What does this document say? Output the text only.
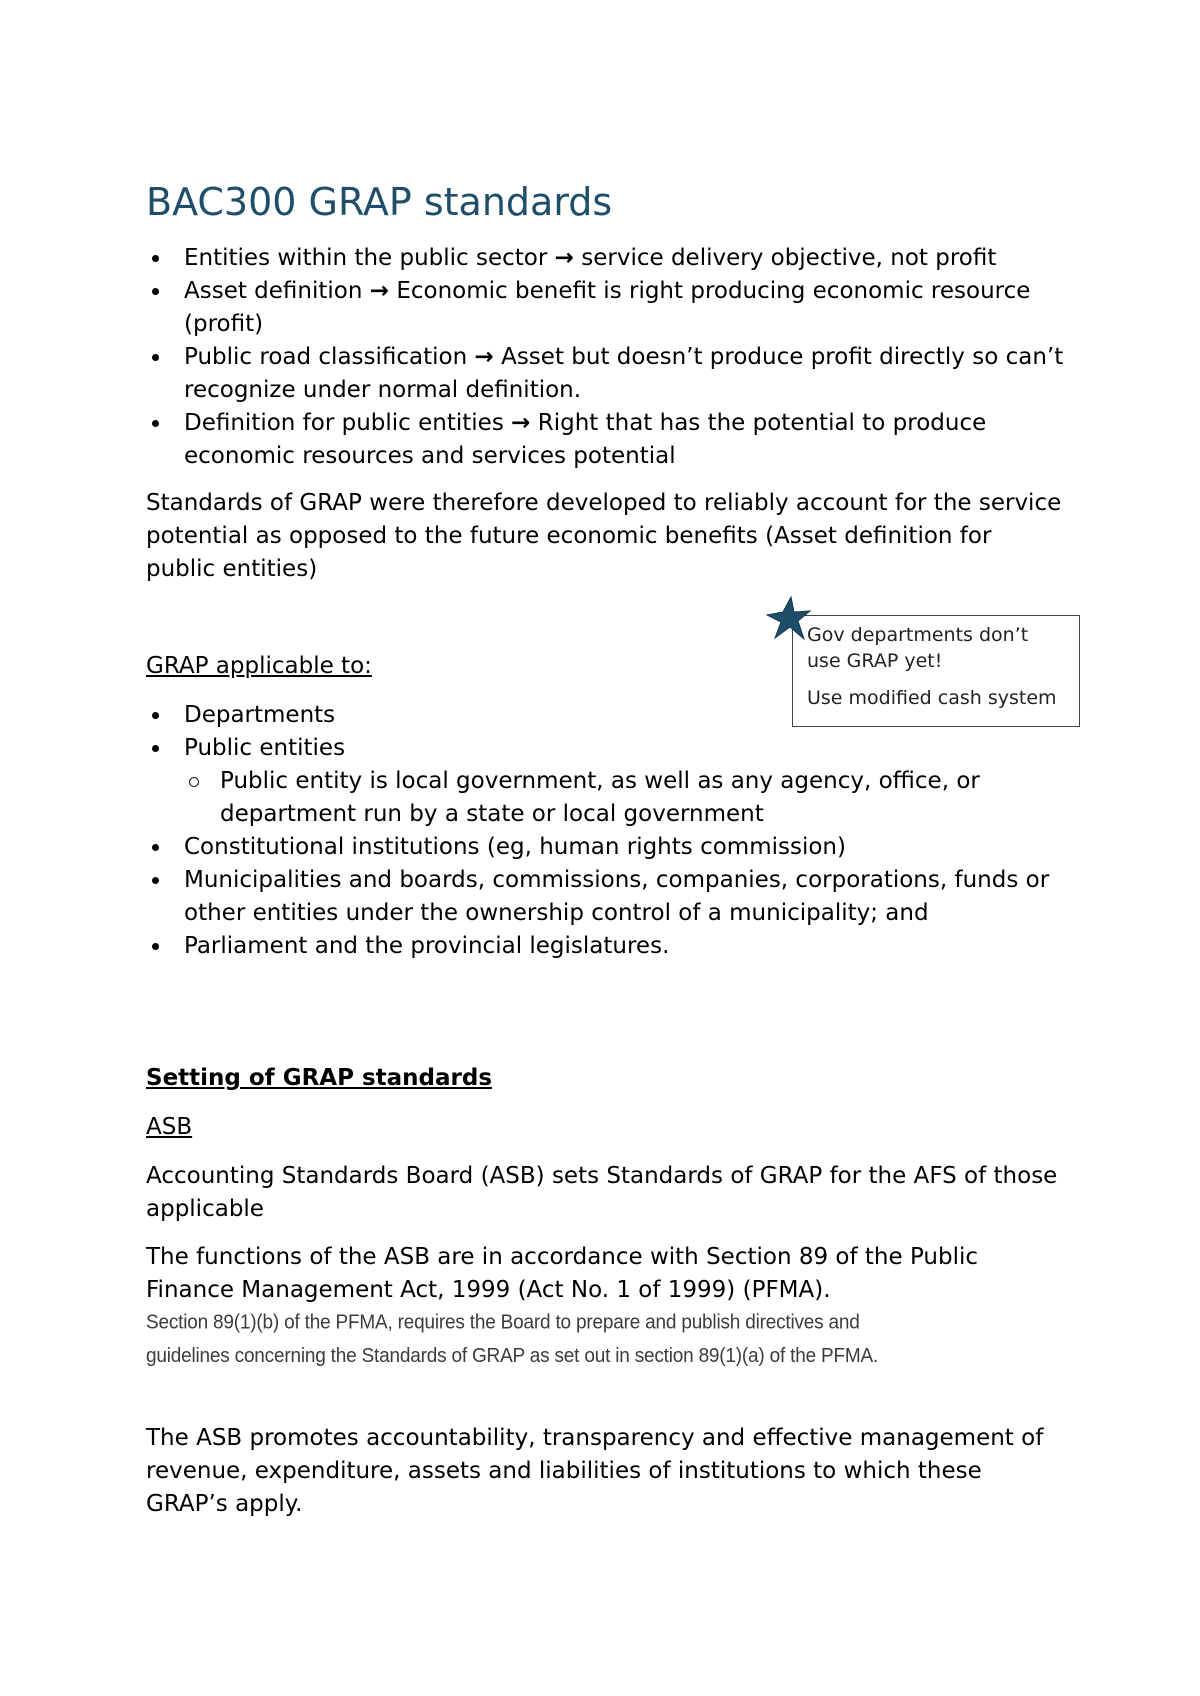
BAC300 GRAP standards
Entities within the public sector → service delivery objective, not profit
Asset definition → Economic benefit is right producing economic resource (profit)
Public road classification → Asset but doesn’t produce profit directly so can’t recognize under normal definition.
Definition for public entities → Right that has the potential to produce economic resources and services potential

Standards of GRAP were therefore developed to reliably account for the service potential as opposed to the future economic benefits (Asset definition for public entities)

GRAP applicable to:

Departments
Public entities
Public entity is local government, as well as any agency, office, or department run by a state or local government
Constitutional institutions (eg, human rights commission)
Municipalities and boards, commissions, companies, corporations, funds or other entities under the ownership control of a municipality; and
Parliament and the provincial legislatures.

Gov departments don’t use GRAP yet!

Use modified cash system

Setting of GRAP standards

ASB

Accounting Standards Board (ASB) sets Standards of GRAP for the AFS of those applicable

The functions of the ASB are in accordance with Section 89 of the Public Finance Management Act, 1999 (Act No. 1 of 1999) (PFMA).

Section 89(1)(b) of the PFMA, requires the Board to prepare and publish directives and guidelines concerning the Standards of GRAP as set out in section 89(1)(a) of the PFMA.

The ASB promotes accountability, transparency and effective management of revenue, expenditure, assets and liabilities of institutions to which these GRAP’s apply.
